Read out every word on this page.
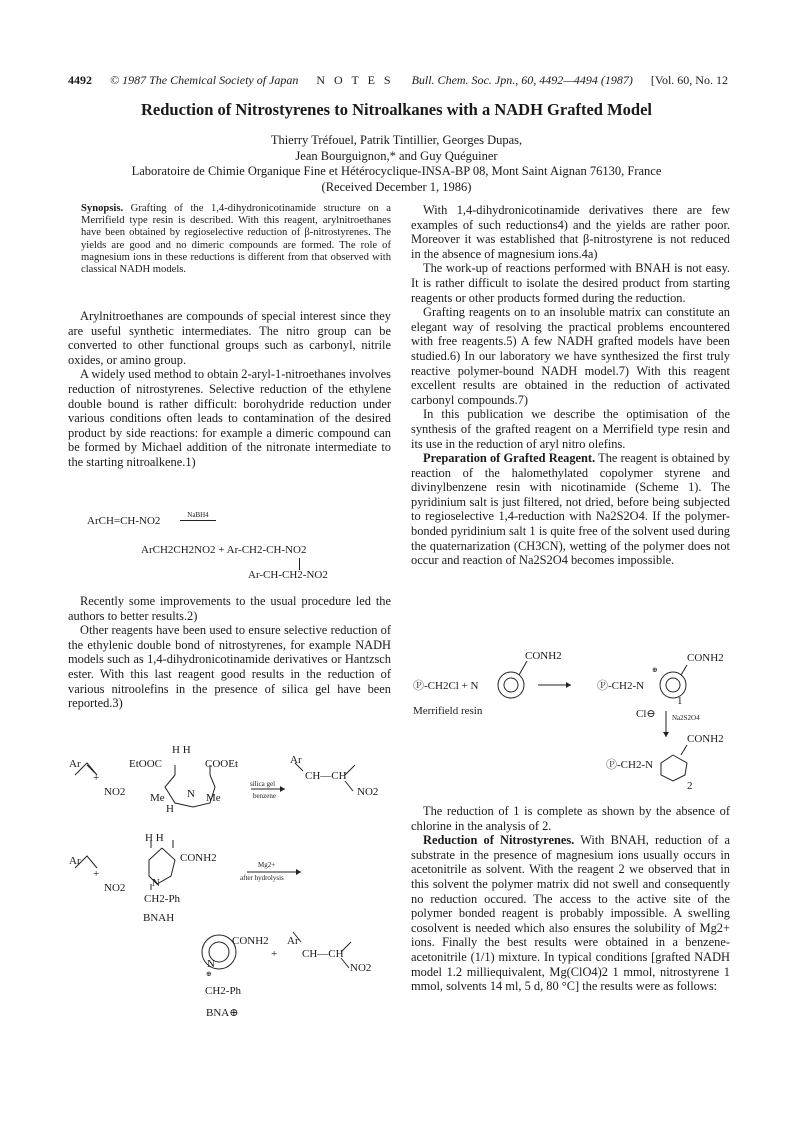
4492 © 1987 The Chemical Society of Japan N O T E S Bull. Chem. Soc. Jpn., 60, 4492—4494 (1987) [Vol. 60, No. 12
Reduction of Nitrostyrenes to Nitroalkanes with a NADH Grafted Model
Thierry Tréfouel, Patrik Tintillier, Georges Dupas,
Jean Bourguignon,* and Guy Quéguiner
Laboratoire de Chimie Organique Fine et Hétérocyclique-INSA-BP 08, Mont Saint Aignan 76130, France
(Received December 1, 1986)

Synopsis. Grafting of the 1,4-dihydronicotinamide structure on a Merrifield type resin is described. With this reagent, arylnitroethanes have been obtained by regioselective reduction of β-nitrostyrenes. The yields are good and no dimeric compounds are formed. The role of magnesium ions in these reductions is different from that observed with classical NADH models.

Arylnitroethanes are compounds of special interest since they are useful synthetic intermediates. The nitro group can be converted to other functional groups such as carbonyl, nitrile oxides, or amino group.

A widely used method to obtain 2-aryl-1-nitroethanes involves reduction of nitrostyrenes. Selective reduction of the ethylene double bound is rather difficult: borohydride reduction under various conditions often leads to contamination of the desired product by side reactions: for example a dimeric compound can be formed by Michael addition of the nitronate intermediate to the starting nitroalkene.1)

ArCH=CH-NO2	NaBH4
ArCH2CH2NO2 + Ar-CH2-CH-NO2
Ar-CH-CH2-NO2

Recently some improvements to the usual procedure led the authors to better results.2)

Other reagents have been used to ensure selective reduction of the ethylenic double bond of nitrostyrenes, for example NADH models such as 1,4-dihydronicotinamide derivatives or Hantzsch ester. With this last reagent good results in the reduction of various nitroolefins in the presence of silica gel have been reported.3)

Ar
+
NO2
H H
EtOOC	COOEt
Me N Me
H
silica gel
benzene
Ar
CH—CH
NO2
Ar
+
NO2
H H
CONH2
N
CH2-Ph
BNAH
Mg2+
after hydrolysis
CONH2 Ar
N
⊕
+ CH—CH
NO2
CH2-Ph
BNA⊕

With 1,4-dihydronicotinamide derivatives there are few examples of such reductions4) and the yields are rather poor. Moreover it was established that β-nitrostyrene is not reduced in the absence of magnesium ions.4a)

The work-up of reactions performed with BNAH is not easy. It is rather difficult to isolate the desired product from starting reagents or other products formed during the reduction.

Grafting reagents on to an insoluble matrix can constitute an elegant way of resolving the practical problems encountered with free reagents.5) A few NADH grafted models have been studied.6) In our laboratory we have synthesized the first truly reactive polymer-bound NADH model.7) With this reagent excellent results are obtained in the reduction of activated carbonyl compounds.7)

In this publication we describe the optimisation of the synthesis of the grafted reagent on a Merrifield type resin and its use in the reduction of aryl nitro olefins.

Preparation of Grafted Reagent. The reagent is obtained by reaction of the halomethylated copolymer styrene and divinylbenzene resin with nicotinamide (Scheme 1). The pyridinium salt is just filtered, not dried, before being subjected to regioselective 1,4-reduction with Na2S2O4. If the polymer-bonded pyridinium salt 1 is quite free of the solvent used during the quaternarization (CH3CN), wetting of the polymer does not occur and reaction of Na2S2O4 becomes impossible.

CONH2
Ⓟ-CH2Cl + N
CONH2
⊕
Ⓟ-CH2-N
1
Merrifield resin	Cl⊖ Na2S2O4
CONH2
Ⓟ-CH2-N
2

The reduction of 1 is complete as shown by the absence of chlorine in the analysis of 2.

Reduction of Nitrostyrenes. With BNAH, reduction of a substrate in the presence of magnesium ions usually occurs in acetonitrile as solvent. With the reagent 2 we observed that in this solvent the polymer matrix did not swell and consequently no reduction occured. The access to the active site of the polymer bonded reagent is probably impossible. A swelling cosolvent is needed which also ensures the solubility of Mg2+ ions. Finally the best results were obtained in a benzene-acetonitrile (1/1) mixture. In typical conditions [grafted NADH model 1.2 milliequivalent, Mg(ClO4)2 1 mmol, nitrostyrene 1 mmol, solvents 14 ml, 5 d, 80 °C] the results were as follows:
